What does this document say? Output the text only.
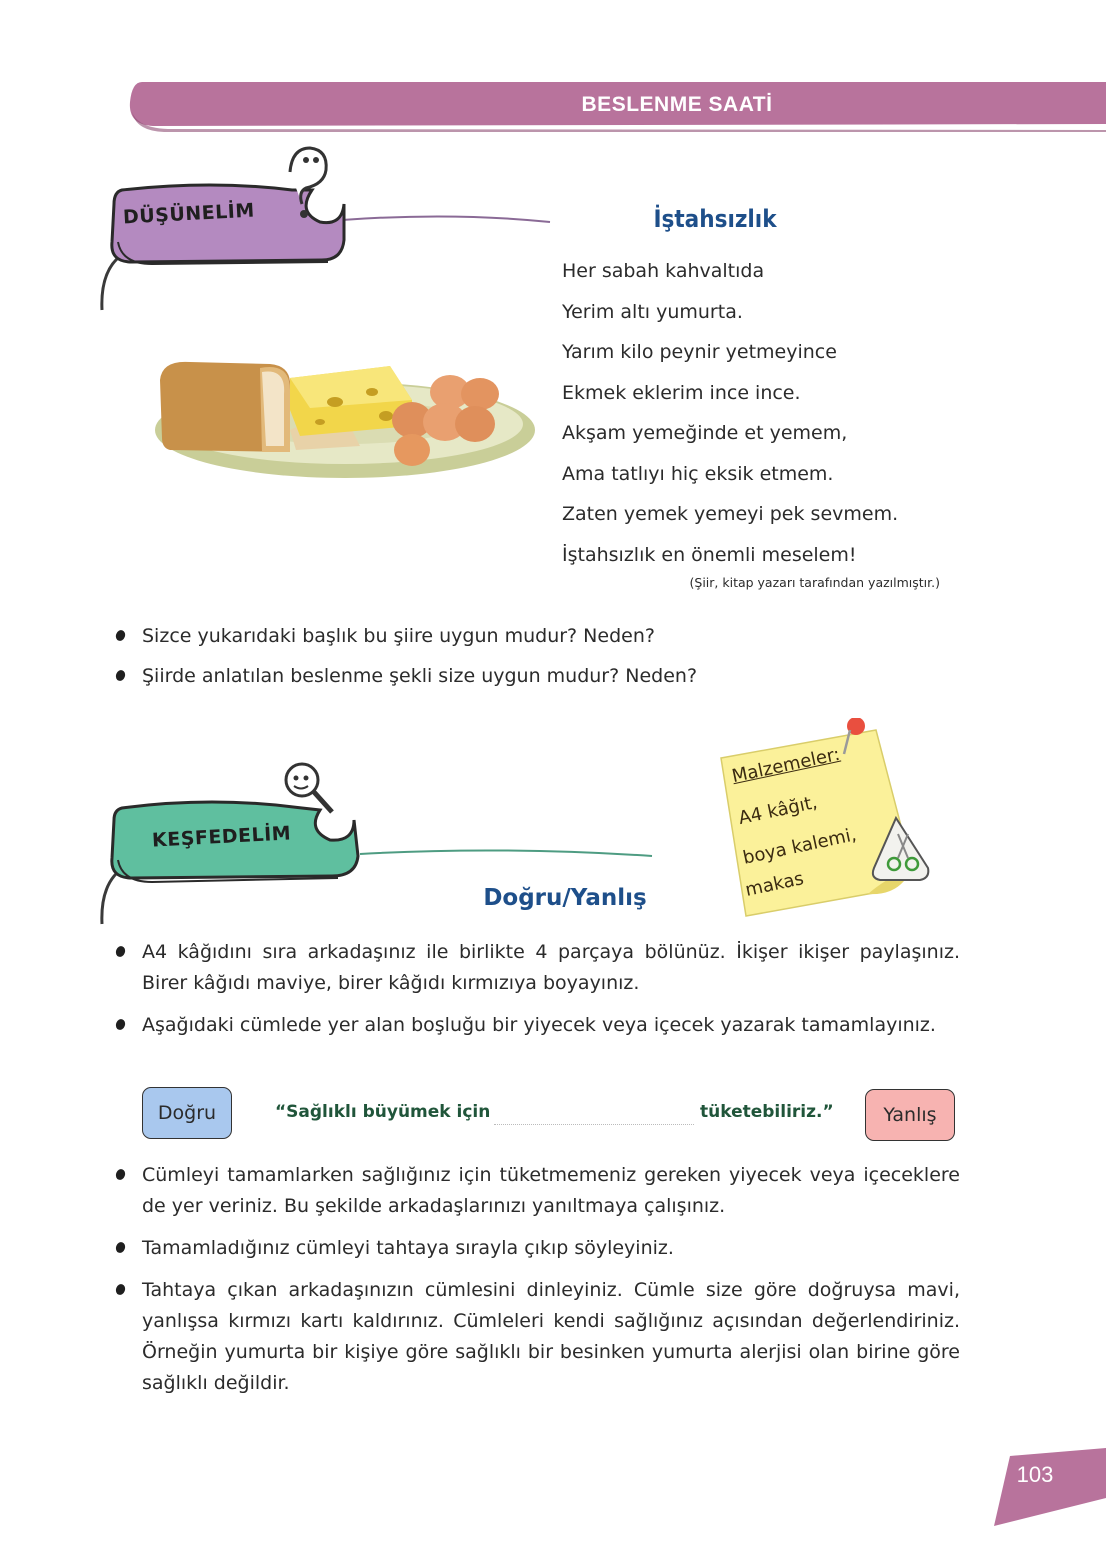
BESLENME SAATİ
DÜŞÜNELİM	İştahsızlık
Her sabah kahvaltıda
Yerim altı yumurta.
Yarım kilo peynir yetmeyince
Ekmek eklerim ince ince.
Akşam yemeğinde et yemem,
Ama tatlıyı hiç eksik etmem.
Zaten yemek yemeyi pek sevmem.
İştahsızlık en önemli meselem!
(Şiir, kitap yazarı tarafından yazılmıştır.)
Sizce yukarıdaki başlık bu şiire uygun mudur? Neden?
Şiirde anlatılan beslenme şekli size uygun mudur? Neden?
KEŞFEDELİM
Malzemeler:
A4 kâğıt,
boya kalemi,
makas
Doğru/Yanlış
A4 kâğıdını sıra arkadaşınız ile birlikte 4 parçaya bölünüz. İkişer ikişer paylaşınız. Birer kâğıdı maviye, birer kâğıdı kırmızıya boyayınız.
Aşağıdaki cümlede yer alan boşluğu bir yiyecek veya içecek yazarak tamamlayınız.
Doğru	“Sağlıklı büyümek için	tüketebiliriz.”	Yanlış
Cümleyi tamamlarken sağlığınız için tüketmemeniz gereken yiyecek veya içeceklere de yer veriniz. Bu şekilde arkadaşlarınızı yanıltmaya çalışınız.
Tamamladığınız cümleyi tahtaya sırayla çıkıp söyleyiniz.
Tahtaya çıkan arkadaşınızın cümlesini dinleyiniz. Cümle size göre doğruysa mavi, yanlışsa kırmızı kartı kaldırınız. Cümleleri kendi sağlığınız açısından değerlendiriniz. Örneğin yumurta bir kişiye göre sağlıklı bir besinken yumurta alerjisi olan birine göre sağlıklı değildir.
103
